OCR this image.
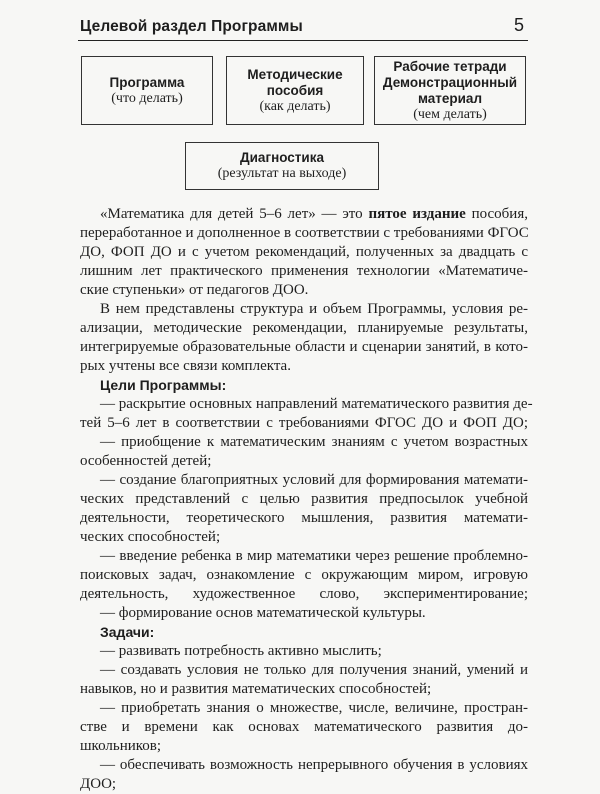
Целевой раздел Программы	5
Программа
(что делать)
Методические
пособия
(как делать)
Рабочие тетради
Демонстрационный
материал
(чем делать)
Диагностика
(результат на выходе)
«Математика для детей 5–6 лет» — это пятое издание пособия,
переработанное и дополненное в соответствии с требованиями ФГОС
ДО, ФОП ДО и с учетом рекомендаций, полученных за двадцать с
лишним лет практического применения технологии «Математиче-
ские ступеньки» от педагогов ДОО.
В нем представлены структура и объем Программы, условия ре-
ализации, методические рекомендации, планируемые результаты,
интегрируемые образовательные области и сценарии занятий, в кото-
рых учтены все связи комплекта.
Цели Программы:
— раскрытие основных направлений математического развития де-
тей 5–6 лет в соответствии с требованиями ФГОС ДО и ФОП ДО;
— приобщение к математическим знаниям с учетом возрастных
особенностей детей;
— создание благоприятных условий для формирования математи-
ческих представлений с целью развития предпосылок учебной
деятельности, теоретического мышления, развития математи-
ческих способностей;
— введение ребенка в мир математики через решение проблемно-
поисковых задач, ознакомление с окружающим миром, игровую
деятельность, художественное слово, экспериментирование;
— формирование основ математической культуры.
Задачи:
— развивать потребность активно мыслить;
— создавать условия не только для получения знаний, умений и
навыков, но и развития математических способностей;
— приобретать знания о множестве, числе, величине, простран-
стве и времени как основах математического развития до-
школьников;
— обеспечивать возможность непрерывного обучения в условиях
ДОО;
